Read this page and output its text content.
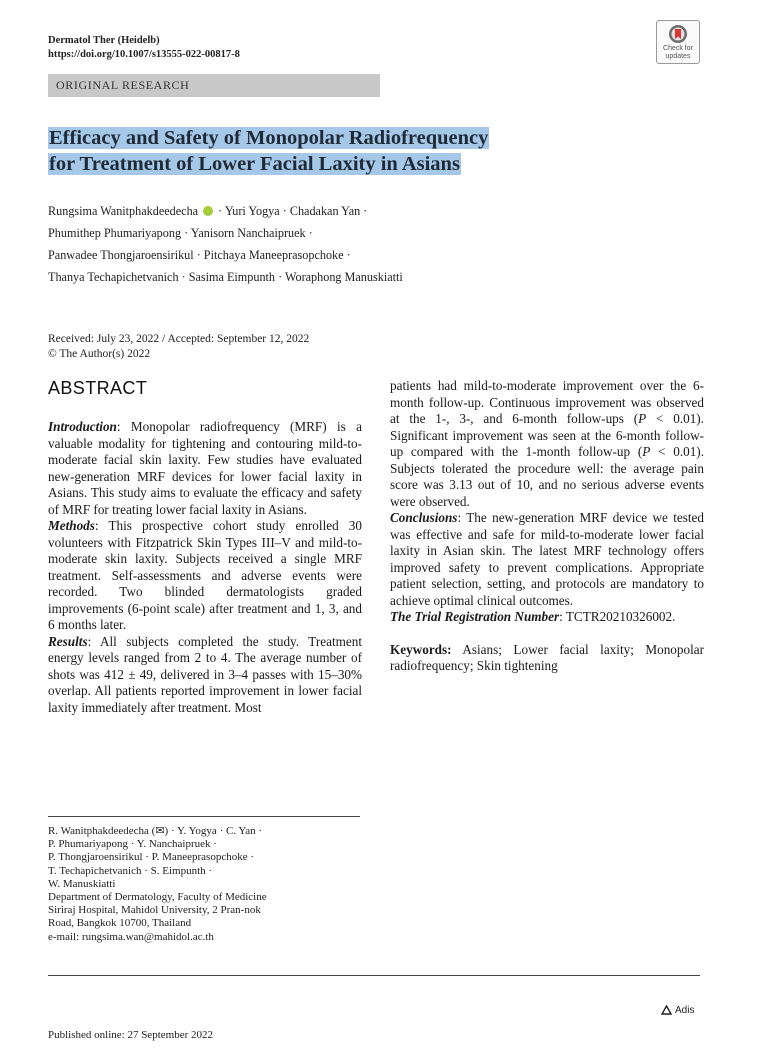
Dermatol Ther (Heidelb)
https://doi.org/10.1007/s13555-022-00817-8
Check for
updates
ORIGINAL RESEARCH
Efficacy and Safety of Monopolar Radiofrequency
for Treatment of Lower Facial Laxity in Asians
Rungsima Wanitphakdeedecha · Yuri Yogya · Chadakan Yan ·
Phumithep Phumariyapong · Yanisorn Nanchaipruek ·
Panwadee Thongjaroensirikul · Pitchaya Maneeprasopchoke ·
Thanya Techapichetvanich · Sasima Eimpunth · Woraphong Manuskiatti
Received: July 23, 2022 / Accepted: September 12, 2022
© The Author(s) 2022
ABSTRACT

Introduction: Monopolar radiofrequency (MRF) is a valuable modality for tightening and contouring mild-to-moderate facial skin laxity. Few studies have evaluated new-generation MRF devices for lower facial laxity in Asians. This study aims to evaluate the efficacy and safety of MRF for treating lower facial laxity in Asians.

Methods: This prospective cohort study enrolled 30 volunteers with Fitzpatrick Skin Types III–V and mild-to-moderate skin laxity. Subjects received a single MRF treatment. Self-assessments and adverse events were recorded. Two blinded dermatologists graded improvements (6-point scale) after treatment and 1, 3, and 6 months later.

Results: All subjects completed the study. Treatment energy levels ranged from 2 to 4. The average number of shots was 412 ± 49, delivered in 3–4 passes with 15–30% overlap. All patients reported improvement in lower facial laxity immediately after treatment. Most

patients had mild-to-moderate improvement over the 6-month follow-up. Continuous improvement was observed at the 1-, 3-, and 6-month follow-ups (P < 0.01). Significant improvement was seen at the 6-month follow-up compared with the 1-month follow-up (P < 0.01). Subjects tolerated the procedure well: the average pain score was 3.13 out of 10, and no serious adverse events were observed.

Conclusions: The new-generation MRF device we tested was effective and safe for mild-to-moderate lower facial laxity in Asian skin. The latest MRF technology offers improved safety to prevent complications. Appropriate patient selection, setting, and protocols are mandatory to achieve optimal clinical outcomes.

The Trial Registration Number: TCTR20210326002.

Keywords: Asians; Lower facial laxity; Monopolar radiofrequency; Skin tightening

R. Wanitphakdeedecha (✉) · Y. Yogya · C. Yan ·
P. Phumariyapong · Y. Nanchaipruek ·
P. Thongjaroensirikul · P. Maneeprasopchoke ·
T. Techapichetvanich · S. Eimpunth ·
W. Manuskiatti
Department of Dermatology, Faculty of Medicine
Siriraj Hospital, Mahidol University, 2 Pran-nok
Road, Bangkok 10700, Thailand
e-mail: rungsima.wan@mahidol.ac.th
Adis
Published online: 27 September 2022
